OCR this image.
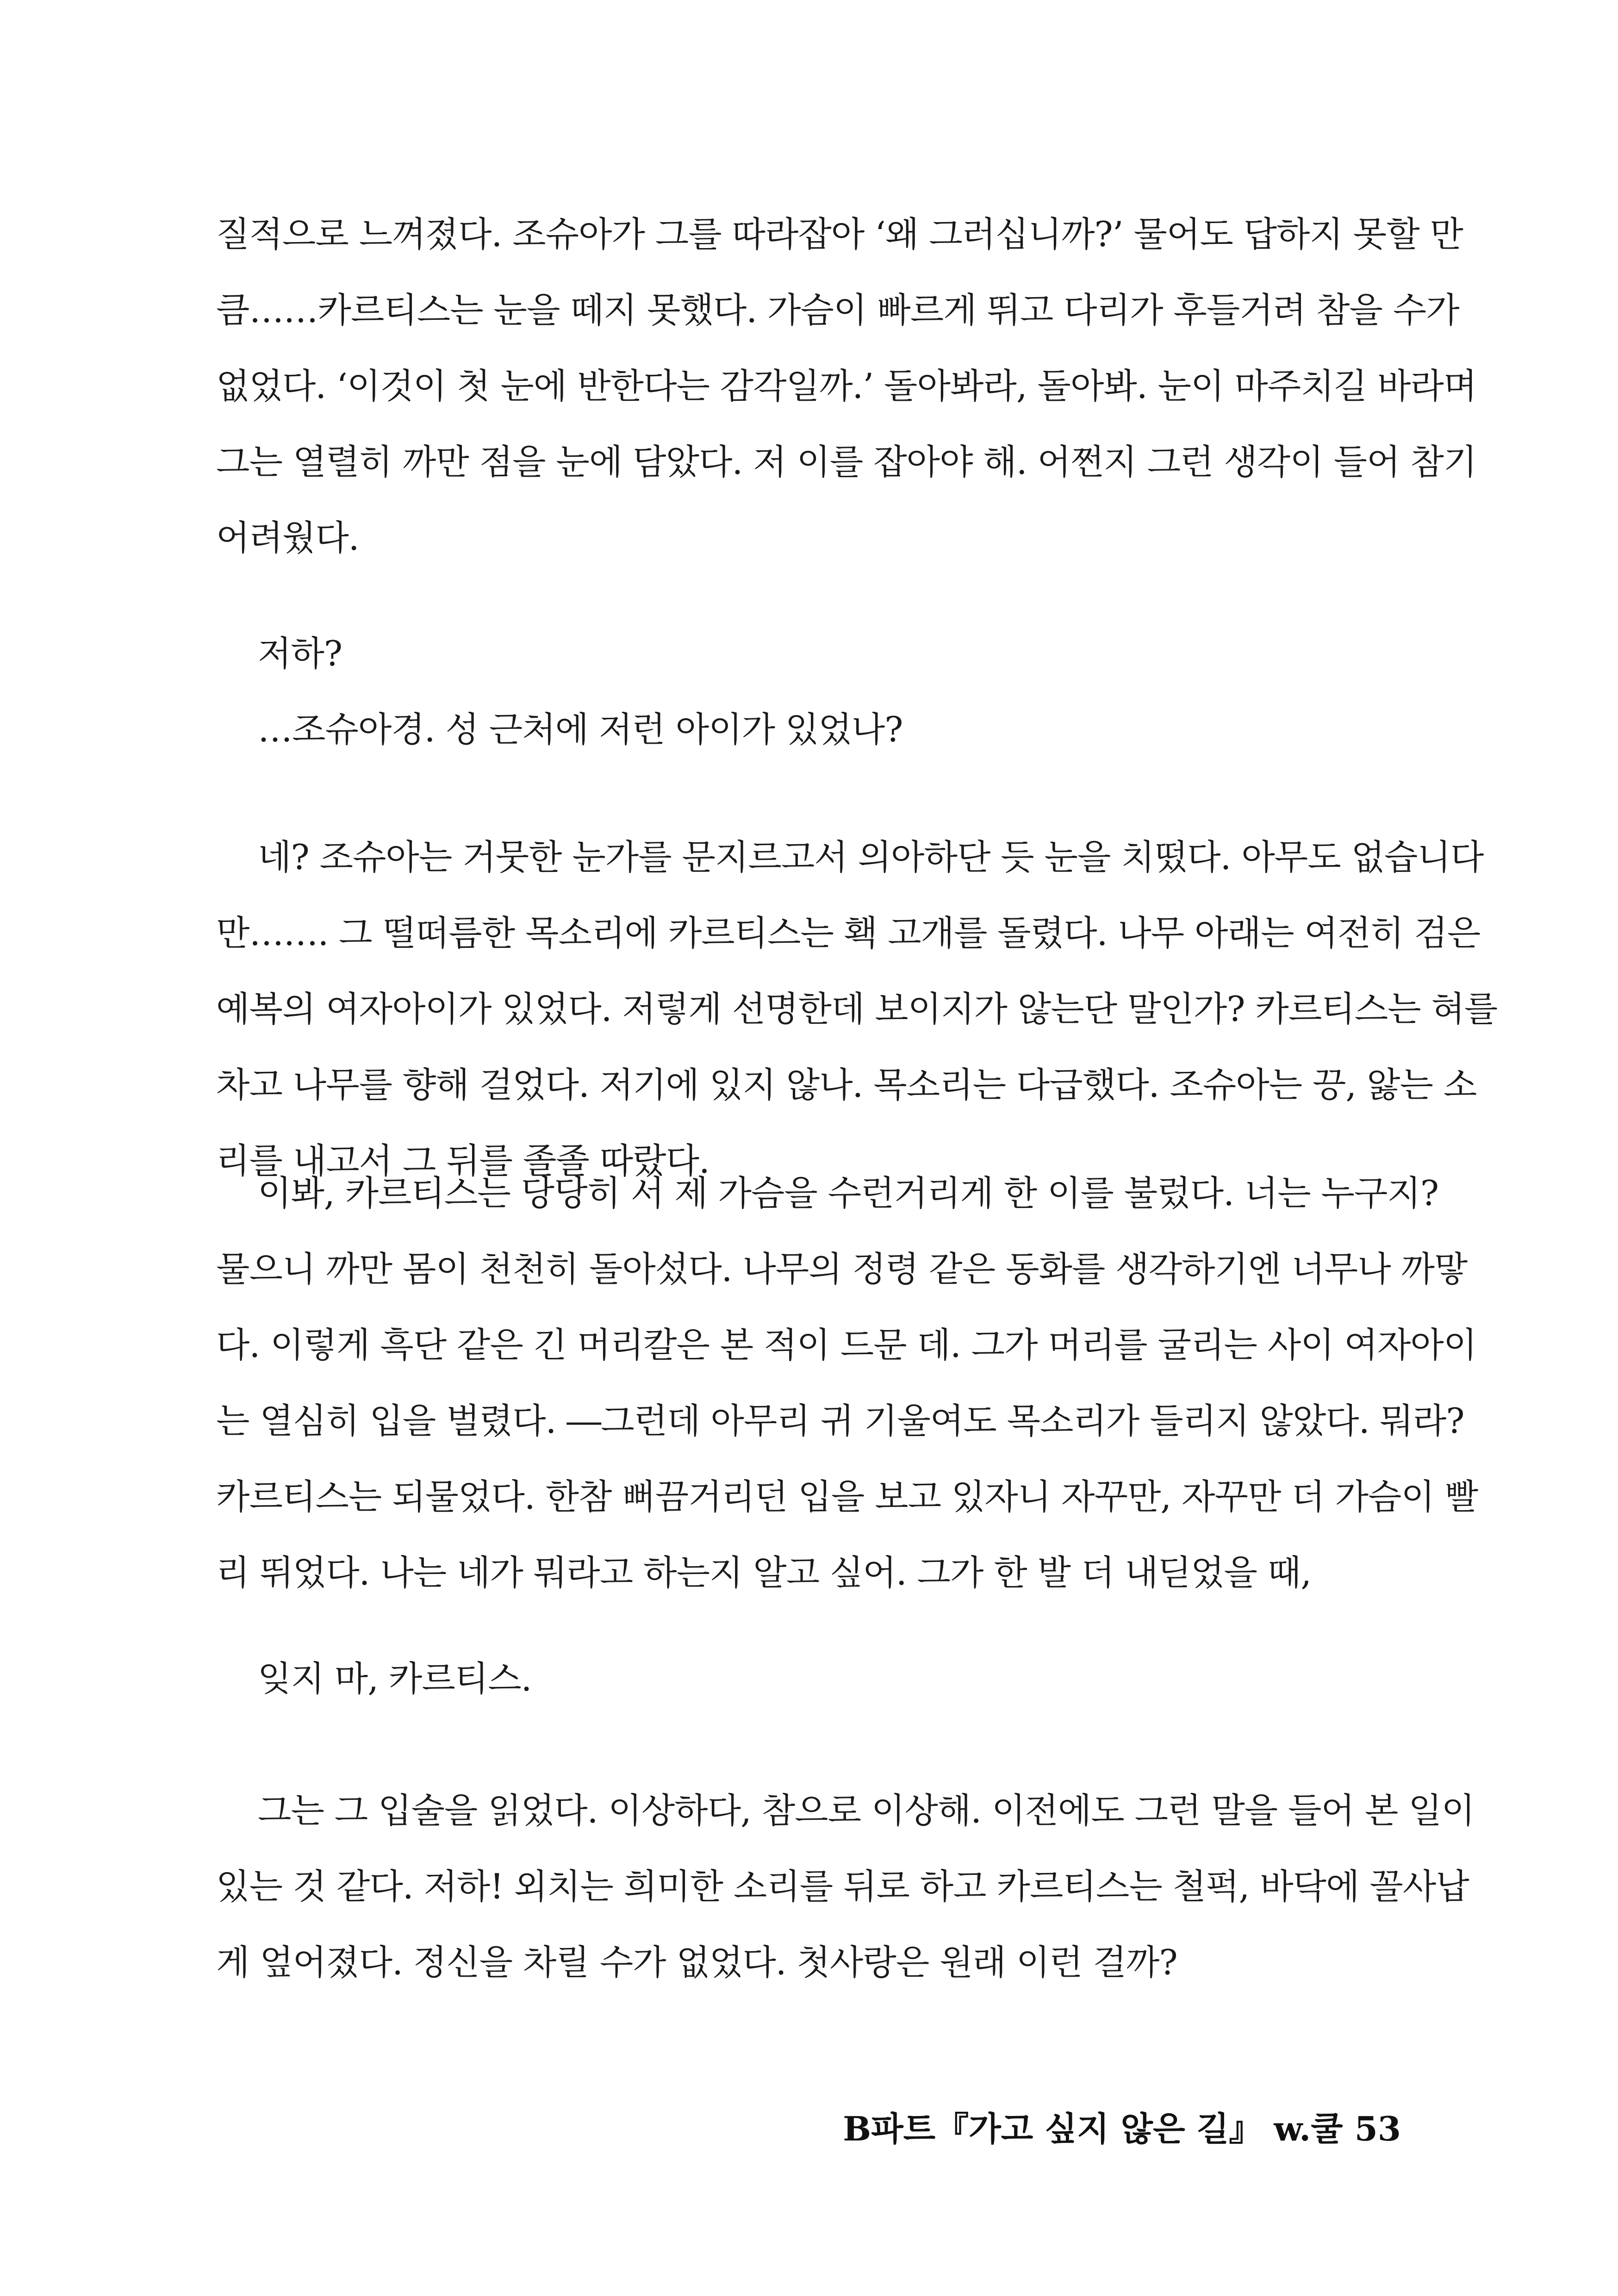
질적으로 느껴졌다. 조슈아가 그를 따라잡아 ‘왜 그러십니까?’ 물어도 답하지 못할 만
큼……카르티스는 눈을 떼지 못했다. 가슴이 빠르게 뛰고 다리가 후들거려 참을 수가
없었다. ‘이것이 첫 눈에 반한다는 감각일까.’ 돌아봐라, 돌아봐. 눈이 마주치길 바라며
그는 열렬히 까만 점을 눈에 담았다. 저 이를 잡아야 해. 어쩐지 그런 생각이 들어 참기
어려웠다.
저하?
…조슈아경. 성 근처에 저런 아이가 있었나?
네? 조슈아는 거뭇한 눈가를 문지르고서 의아하단 듯 눈을 치떴다. 아무도 없습니다
만……. 그 떨떠름한 목소리에 카르티스는 홱 고개를 돌렸다. 나무 아래는 여전히 검은
예복의 여자아이가 있었다. 저렇게 선명한데 보이지가 않는단 말인가? 카르티스는 혀를
차고 나무를 향해 걸었다. 저기에 있지 않나. 목소리는 다급했다. 조슈아는 끙, 앓는 소
리를 내고서 그 뒤를 졸졸 따랐다.
이봐, 카르티스는 당당히 서 제 가슴을 수런거리게 한 이를 불렀다. 너는 누구지?
물으니 까만 몸이 천천히 돌아섰다. 나무의 정령 같은 동화를 생각하기엔 너무나 까맣
다. 이렇게 흑단 같은 긴 머리칼은 본 적이 드문 데. 그가 머리를 굴리는 사이 여자아이
는 열심히 입을 벌렸다. ―그런데 아무리 귀 기울여도 목소리가 들리지 않았다. 뭐라?
카르티스는 되물었다. 한참 뻐끔거리던 입을 보고 있자니 자꾸만, 자꾸만 더 가슴이 빨
리 뛰었다. 나는 네가 뭐라고 하는지 알고 싶어. 그가 한 발 더 내딛었을 때,
잊지 마, 카르티스.
그는 그 입술을 읽었다. 이상하다, 참으로 이상해. 이전에도 그런 말을 들어 본 일이
있는 것 같다. 저하! 외치는 희미한 소리를 뒤로 하고 카르티스는 철퍽, 바닥에 꼴사납
게 엎어졌다. 정신을 차릴 수가 없었다. 첫사랑은 원래 이런 걸까?
B파트『가고 싶지 않은 길』 w.쿨 53
